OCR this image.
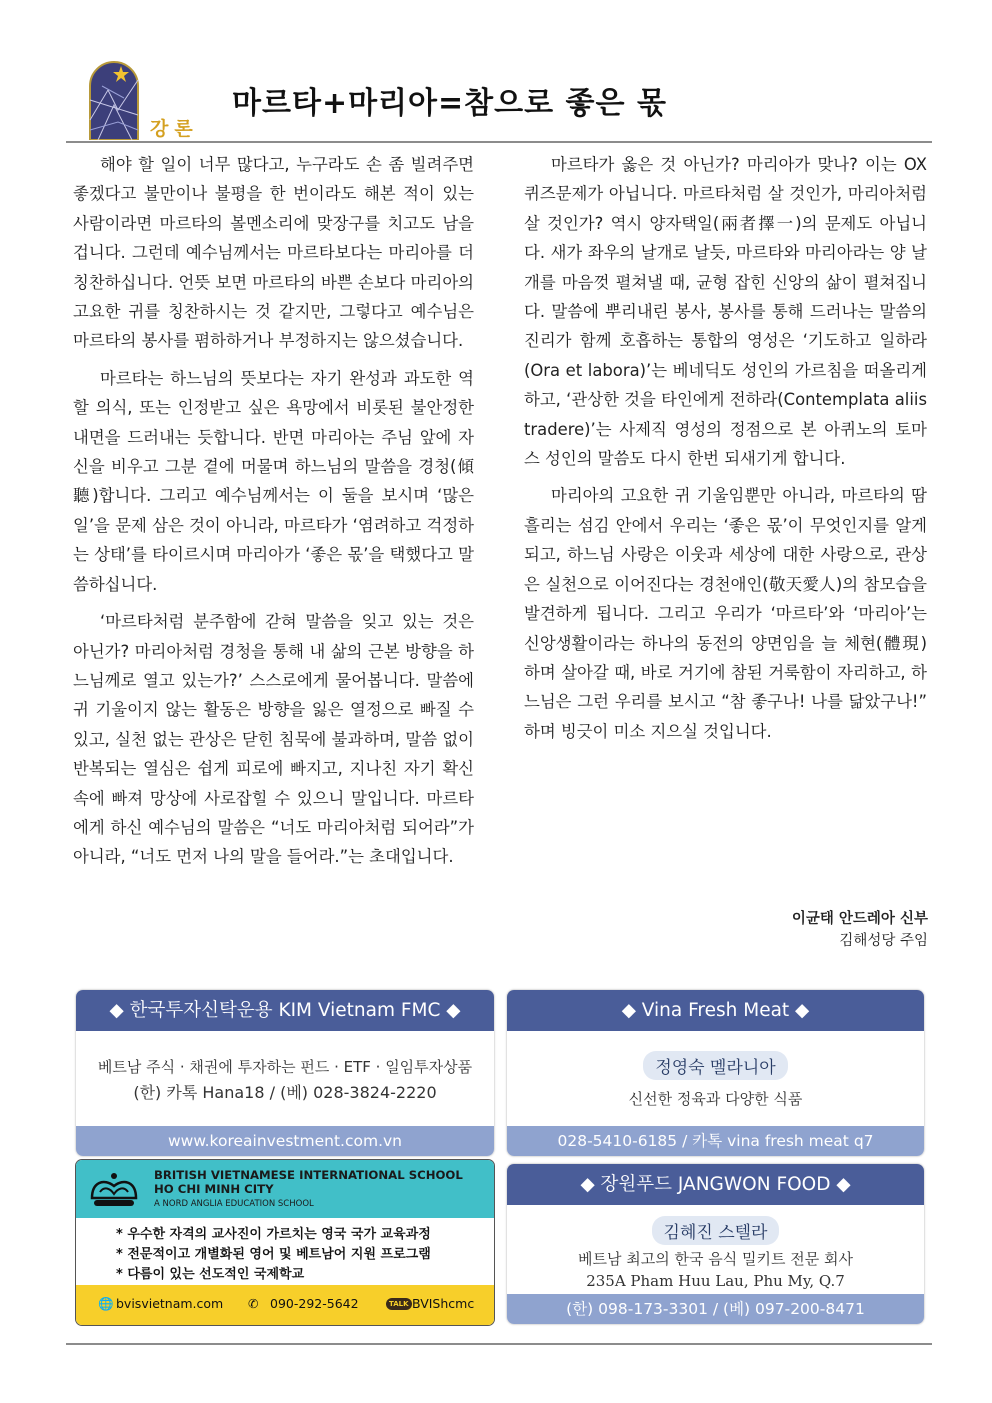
강론
마르타+마리아=참으로 좋은 몫

해야 할 일이 너무 많다고, 누구라도 손 좀 빌려주면 좋겠다고 불만이나 불평을 한 번이라도 해본 적이 있는 사람이라면 마르타의 볼멘소리에 맞장구를 치고도 남을 겁니다. 그런데 예수님께서는 마르타보다는 마리아를 더 칭찬하십니다. 언뜻 보면 마르타의 바쁜 손보다 마리아의 고요한 귀를 칭찬하시는 것 같지만, 그렇다고 예수님은 마르타의 봉사를 폄하하거나 부정하지는 않으셨습니다.

마르타는 하느님의 뜻보다는 자기 완성과 과도한 역할 의식, 또는 인정받고 싶은 욕망에서 비롯된 불안정한 내면을 드러내는 듯합니다. 반면 마리아는 주님 앞에 자신을 비우고 그분 곁에 머물며 하느님의 말씀을 경청(傾聽)합니다. 그리고 예수님께서는 이 둘을 보시며 ‘많은 일’을 문제 삼은 것이 아니라, 마르타가 ‘염려하고 걱정하는 상태’를 타이르시며 마리아가 ‘좋은 몫’을 택했다고 말씀하십니다.

‘마르타처럼 분주함에 갇혀 말씀을 잊고 있는 것은 아닌가? 마리아처럼 경청을 통해 내 삶의 근본 방향을 하느님께로 열고 있는가?’ 스스로에게 물어봅니다. 말씀에 귀 기울이지 않는 활동은 방향을 잃은 열정으로 빠질 수 있고, 실천 없는 관상은 닫힌 침묵에 불과하며, 말씀 없이 반복되는 열심은 쉽게 피로에 빠지고, 지나친 자기 확신 속에 빠져 망상에 사로잡힐 수 있으니 말입니다. 마르타에게 하신 예수님의 말씀은 “너도 마리아처럼 되어라”가 아니라, “너도 먼저 나의 말을 들어라.”는 초대입니다.

마르타가 옳은 것 아닌가? 마리아가 맞나? 이는 OX 퀴즈문제가 아닙니다. 마르타처럼 살 것인가, 마리아처럼 살 것인가? 역시 양자택일(兩者擇一)의 문제도 아닙니다. 새가 좌우의 날개로 날듯, 마르타와 마리아라는 양 날개를 마음껏 펼쳐낼 때, 균형 잡힌 신앙의 삶이 펼쳐집니다. 말씀에 뿌리내린 봉사, 봉사를 통해 드러나는 말씀의 진리가 함께 호흡하는 통합의 영성은 ‘기도하고 일하라(Ora et labora)’는 베네딕도 성인의 가르침을 떠올리게 하고, ‘관상한 것을 타인에게 전하라(Contemplata aliis tradere)’는 사제직 영성의 정점으로 본 아퀴노의 토마스 성인의 말씀도 다시 한번 되새기게 합니다.

마리아의 고요한 귀 기울임뿐만 아니라, 마르타의 땀 흘리는 섬김 안에서 우리는 ‘좋은 몫’이 무엇인지를 알게 되고, 하느님 사랑은 이웃과 세상에 대한 사랑으로, 관상은 실천으로 이어진다는 경천애인(敬天愛人)의 참모습을 발견하게 됩니다. 그리고 우리가 ‘마르타’와 ‘마리아’는 신앙생활이라는 하나의 동전의 양면임을 늘 체현(體現)하며 살아갈 때, 바로 거기에 참된 거룩함이 자리하고, 하느님은 그런 우리를 보시고 “참 좋구나! 나를 닮았구나!” 하며 빙긋이 미소 지으실 것입니다.

이균태 안드레아 신부
김해성당 주임
◆ 한국투자신탁운용 KIM Vietnam FMC ◆
베트남 주식 · 채권에 투자하는 펀드 · ETF · 일임투자상품
(한) 카톡 Hana18 / (베) 028-3824-2220
www.koreainvestment.com.vn
◆ Vina Fresh Meat ◆
정영숙 멜라니아
신선한 정육과 다양한 식품
028-5410-6185 / 카톡 vina fresh meat q7
BRITISH VIETNAMESE INTERNATIONAL SCHOOL
HO CHI MINH CITY
A NORD ANGLIA EDUCATION SCHOOL
* 우수한 자격의 교사진이 가르치는 영국 국가 교육과정
* 전문적이고 개별화된 영어 및 베트남어 지원 프로그램
* 다름이 있는 선도적인 국제학교
🌐 bvisvietnam.com ✆ 090-292-5642	TALK BVIShcmc
◆ 장원푸드 JANGWON FOOD ◆
김혜진 스텔라
베트남 최고의 한국 음식 밀키트 전문 회사
235A Pham Huu Lau, Phu My, Q.7
(한) 098-173-3301 / (베) 097-200-8471
